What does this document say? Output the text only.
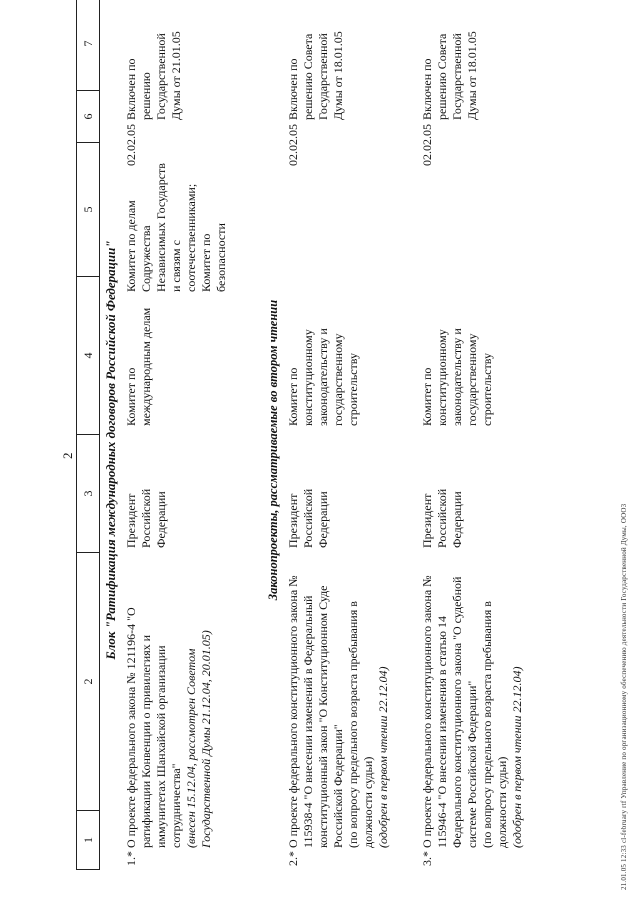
2
1
2
3
4
5
6
7
Блок "Ратификация международных договоров Российской Федерации"
1.*
О проекте федерального закона № 121196-4 "О ратификации Конвенции о привилегиях и иммунитетах Шанхайской организации сотрудничества" (внесен 15.12.04, рассмотрен Советом Государственной Думы 21.12.04, 20.01.05)
Президент Российской Федерации
Комитет по международным делам
Комитет по делам Содружества Независимых Государств и связям с соотечественниками; Комитет по безопасности
02.02.05
Включен по решению Государственной Думы от 21.01.05
Законопроекты, рассматриваемые во втором чтении
2.*
О проекте федерального конституционного закона № 115938-4 "О внесении изменений в Федеральный конституционный закон "О Конституционном Суде Российской Федерации" (по вопросу предельного возраста пребывания в должности судьи) (одобрен в первом чтении 22.12.04)
Президент Российской Федерации
Комитет по конституционному законодательству и государственному строительству
02.02.05
Включен по решению Совета Государственной Думы от 18.01.05
3.*
О проекте федерального конституционного закона № 115946-4 "О внесении изменения в статью 14 Федерального конституционного закона "О судебной системе Российской Федерации" (по вопросу предельного возраста пребывания в должности судьи) (одобрен в первом чтении 22.12.04)
Президент Российской Федерации
Комитет по конституционному законодательству и государственному строительству
02.02.05
Включен по решению Совета Государственной Думы от 18.01.05
21.01.05 12:33 cl-february rtf Управление по организационному обеспечению деятельности Государственной Думы, ООО3
